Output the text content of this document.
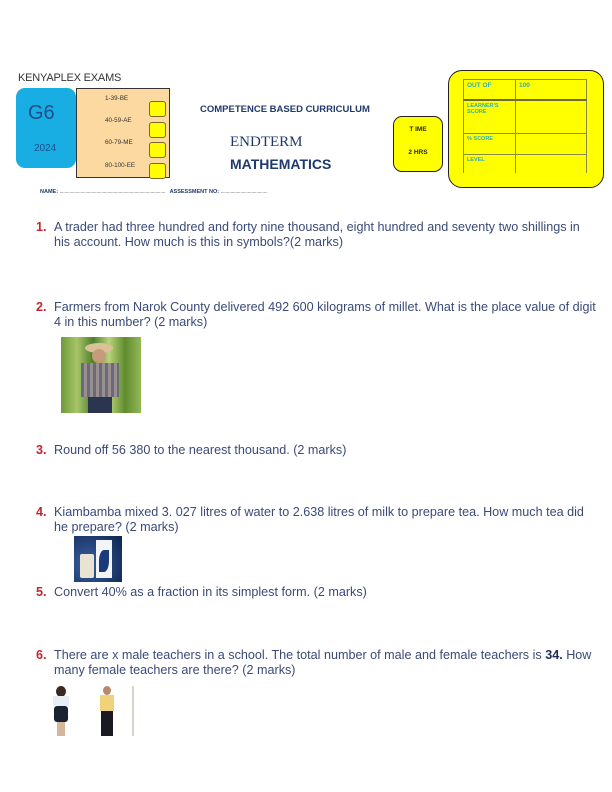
KENYAPLEX EXAMS
G6
2024
1-39-BE
40-59-AE
60-79-ME
80-100-EE
COMPETENCE BASED CURRICULUM
ENDTERM
MATHEMATICS
T IME
2 HRS
OUT OF	100
LEARNER'S SCORE	
% SCORE	
LEVEL	
NAME: ...................................................................................... ASSESSMENT NO: ......................................
1. A trader had three hundred and forty nine thousand, eight hundred and seventy two shillings in his account. How much is this in symbols?(2 marks)
2. Farmers from Narok County delivered 492 600 kilograms of millet. What is the place value of digit 4 in this number? (2 marks)
3. Round off 56 380 to the nearest thousand. (2 marks)
4. Kiambamba mixed 3. 027 litres of water to 2.638 litres of milk to prepare tea. How much tea did he prepare? (2 marks)
5. Convert 40% as a fraction in its simplest form. (2 marks)
6. There are x male teachers in a school. The total number of male and female teachers is 34. How many female teachers are there? (2 marks)
